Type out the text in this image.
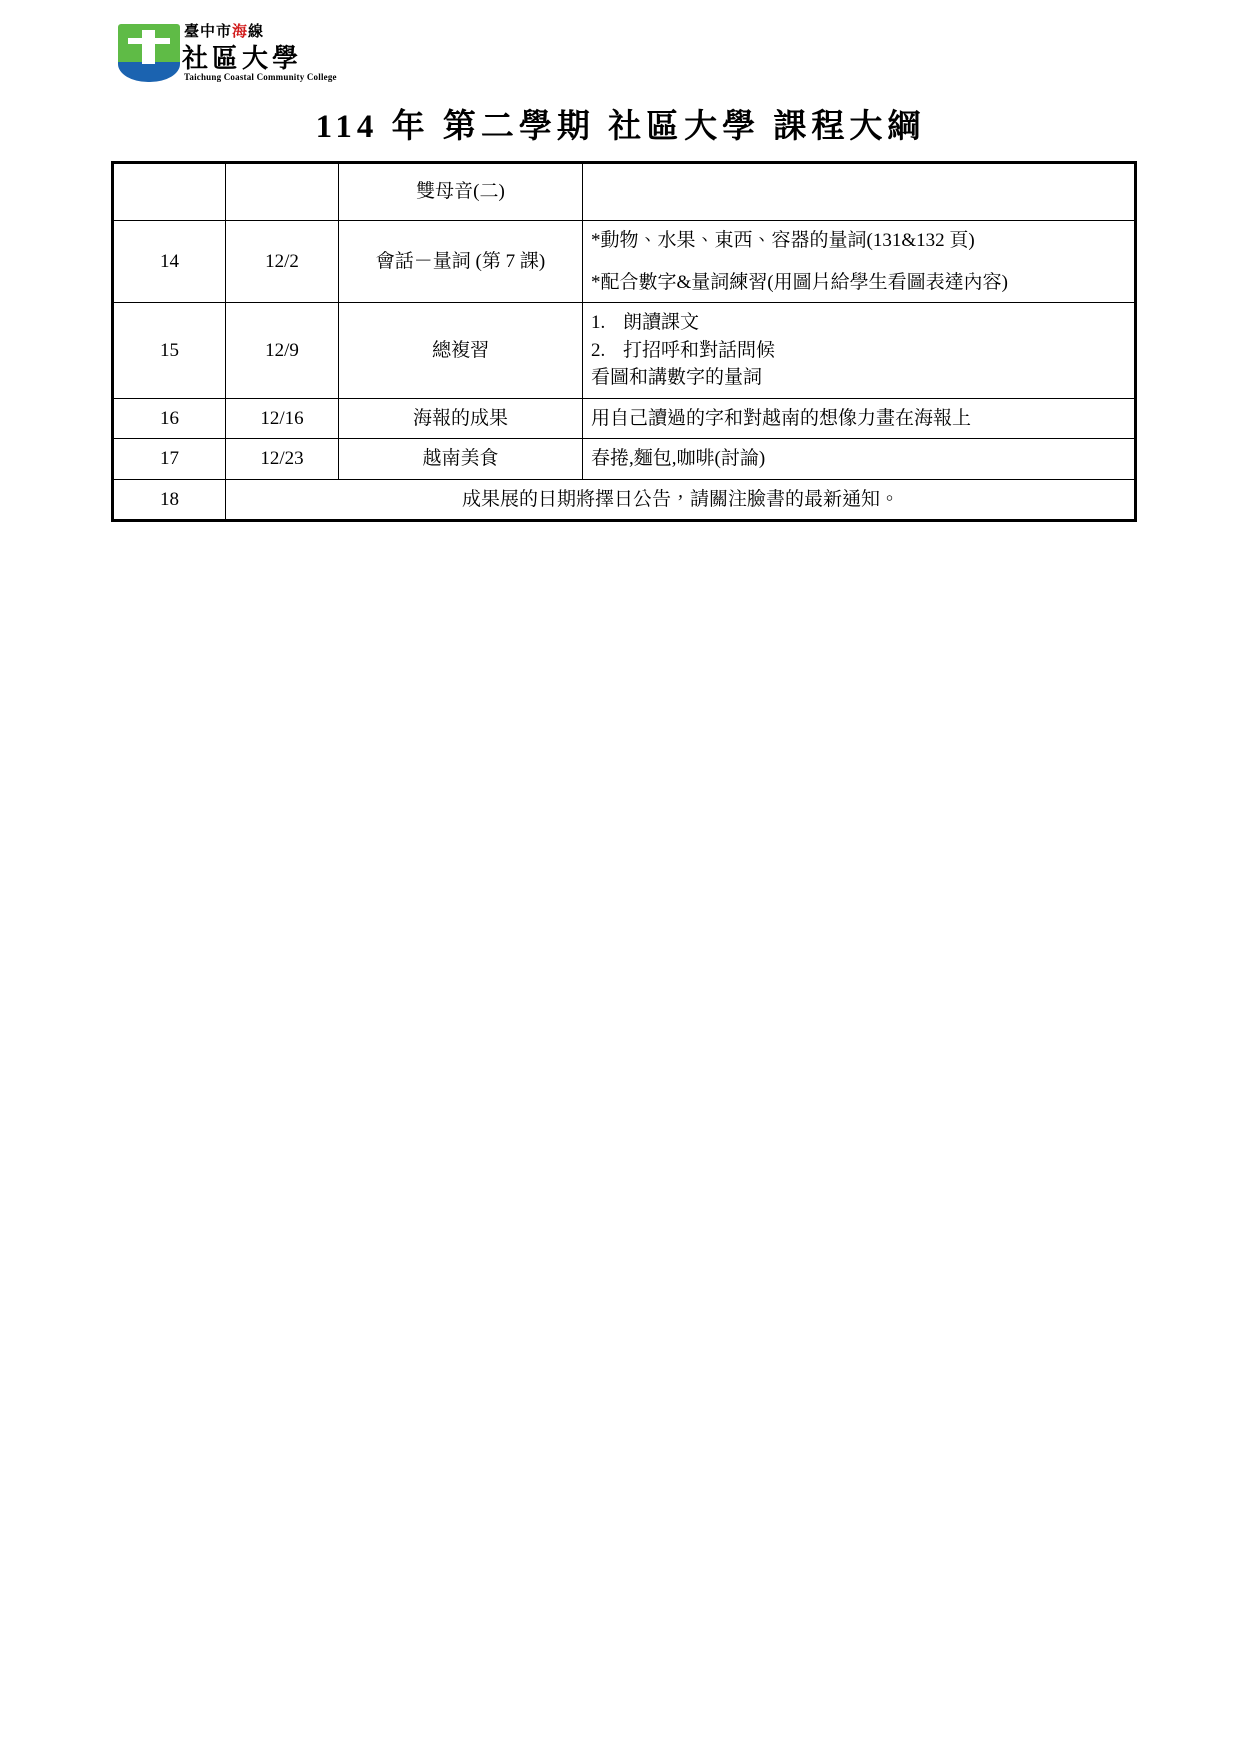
臺中市海線
社區大學
Taichung Coastal Community College
114 年 第二學期 社區大學 課程大綱
		雙母音(二)	
14	12/2	會話－量詞 (第 7 課)	*動物、水果、東西、容器的量詞(131&132 頁)
*配合數字&量詞練習(用圖片給學生看圖表達內容)

15	12/9	總複習	
1. 朗讀課文
2. 打招呼和對話問候
看圖和講數字的量詞

16	12/16	海報的成果	用自己讀過的字和對越南的想像力畫在海報上
17	12/23	越南美食	春捲,麵包,咖啡(討論)
18	成果展的日期將擇日公告，請關注臉書的最新通知。		
